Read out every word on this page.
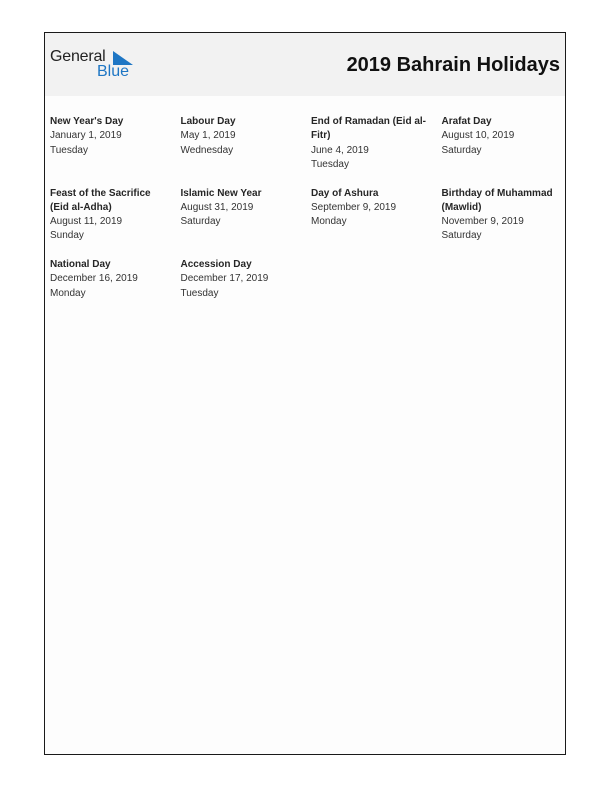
General
Blue	2019 Bahrain Holidays
New Year's Day
January 1, 2019
Tuesday
Labour Day
May 1, 2019
Wednesday
End of Ramadan (Eid al-Fitr)
June 4, 2019
Tuesday
Arafat Day
August 10, 2019
Saturday
Feast of the Sacrifice (Eid al-Adha)
August 11, 2019
Sunday
Islamic New Year
August 31, 2019
Saturday
Day of Ashura
September 9, 2019
Monday
Birthday of Muhammad (Mawlid)
November 9, 2019
Saturday
National Day
December 16, 2019
Monday
Accession Day
December 17, 2019
Tuesday
